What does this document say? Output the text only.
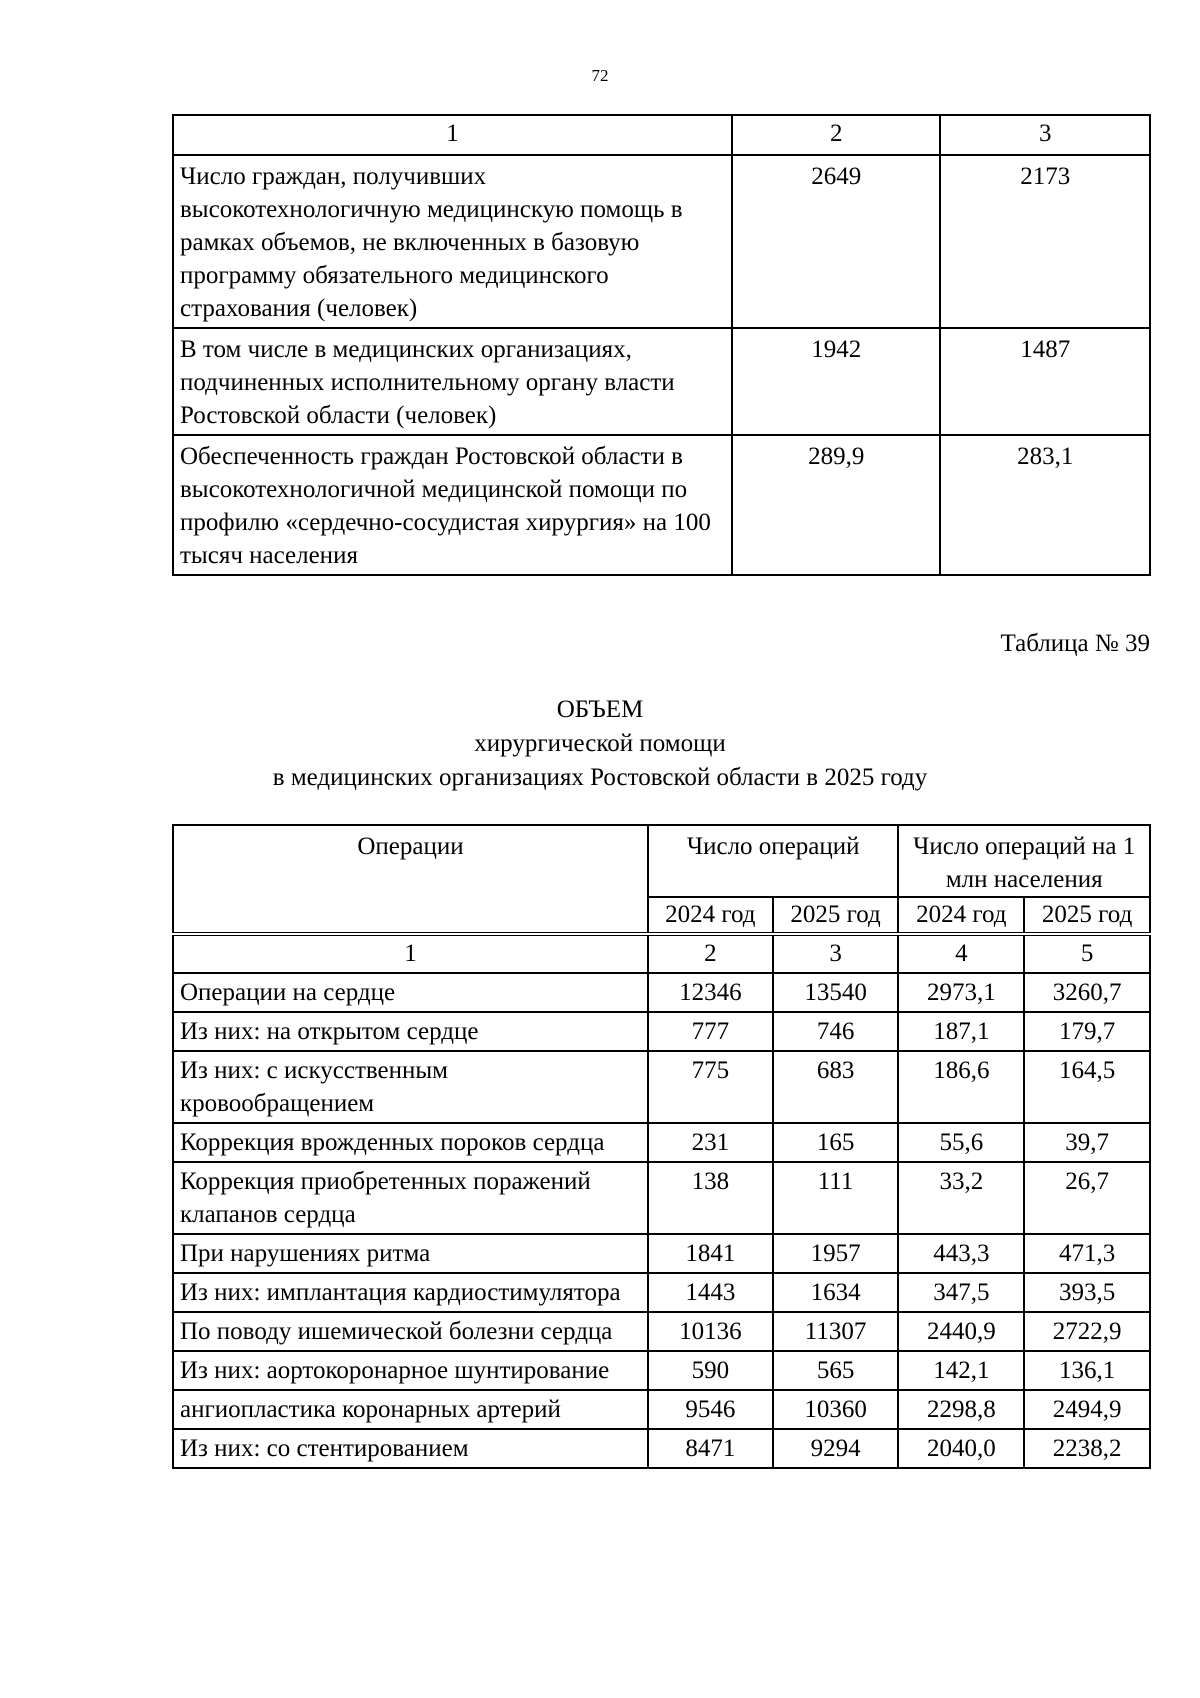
72
1	2	3
Число граждан, получивших высокотехнологичную медицинскую помощь в рамках объемов, не включенных в базовую программу обязательного медицинского страхования (человек)	2649	2173
В том числе в медицинских организациях, подчиненных исполнительному органу власти Ростовской области (человек)	1942	1487
Обеспеченность граждан Ростовской области в высокотехнологичной медицинской помощи по профилю «сердечно-сосудистая хирургия» на 100 тысяч населения	289,9	283,1
Таблица № 39
ОБЪЕМ
хирургической помощи
в медицинских организациях Ростовской области в 2025 году
Операции	Число операций		Число операций на 1 млн населения	
	2024 год	2025 год	2024 год	2025 год
1	2	3	4	5
Операции на сердце	12346	13540	2973,1	3260,7
Из них: на открытом сердце	777	746	187,1	179,7
Из них: с искусственным кровообращением	775	683	186,6	164,5
Коррекция врожденных пороков сердца	231	165	55,6	39,7
Коррекция приобретенных поражений клапанов сердца	138	111	33,2	26,7
При нарушениях ритма	1841	1957	443,3	471,3
Из них: имплантация кардиостимулятора	1443	1634	347,5	393,5
По поводу ишемической болезни сердца	10136	11307	2440,9	2722,9
Из них: аортокоронарное шунтирование	590	565	142,1	136,1
ангиопластика коронарных артерий	9546	10360	2298,8	2494,9
Из них: со стентированием	8471	9294	2040,0	2238,2
